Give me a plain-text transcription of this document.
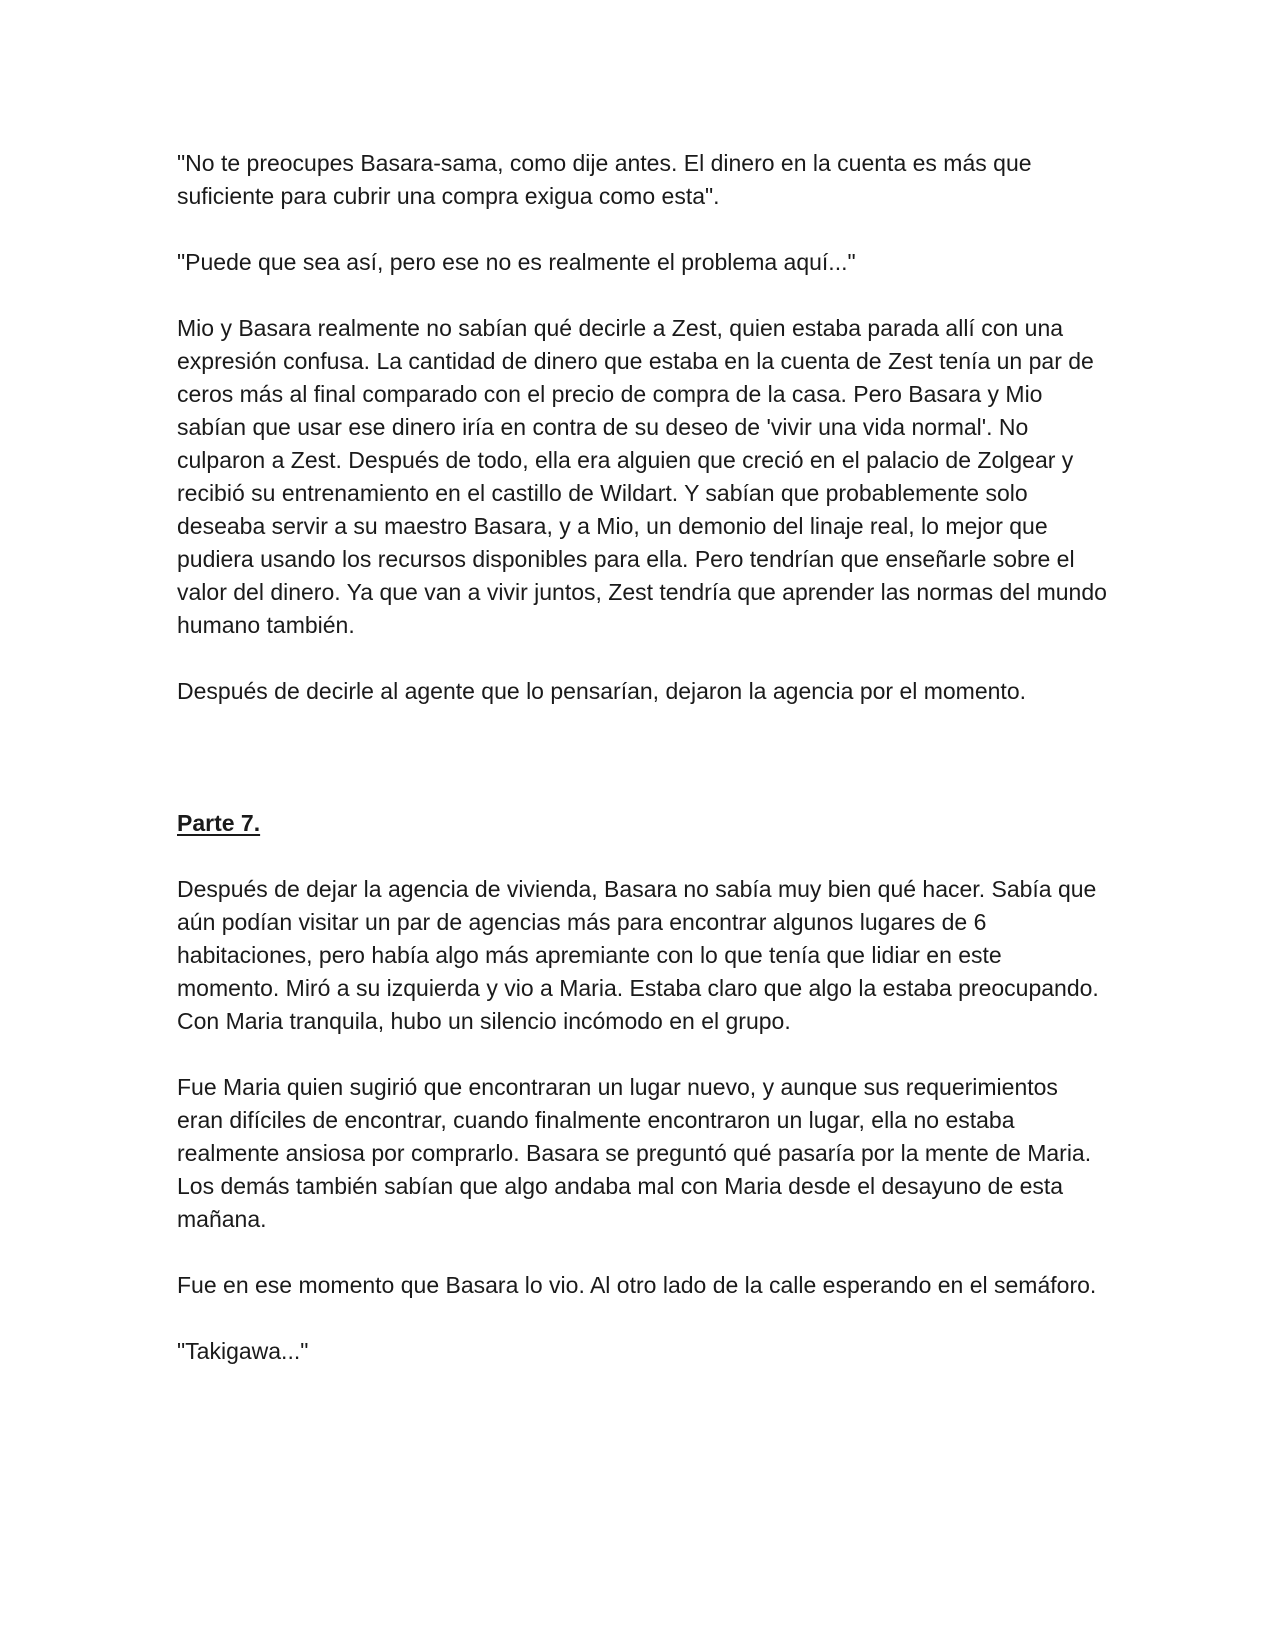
"No te preocupes Basara-sama, como dije antes. El dinero en la cuenta es más que suficiente para cubrir una compra exigua como esta".

"Puede que sea así, pero ese no es realmente el problema aquí..."

Mio y Basara realmente no sabían qué decirle a Zest, quien estaba parada allí con una expresión confusa. La cantidad de dinero que estaba en la cuenta de Zest tenía un par de ceros más al final comparado con el precio de compra de la casa. Pero Basara y Mio sabían que usar ese dinero iría en contra de su deseo de 'vivir una vida normal'. No culparon a Zest. Después de todo, ella era alguien que creció en el palacio de Zolgear y recibió su entrenamiento en el castillo de Wildart. Y sabían que probablemente solo deseaba servir a su maestro Basara, y a Mio, un demonio del linaje real, lo mejor que pudiera usando los recursos disponibles para ella. Pero tendrían que enseñarle sobre el valor del dinero. Ya que van a vivir juntos, Zest tendría que aprender las normas del mundo humano también.

Después de decirle al agente que lo pensarían, dejaron la agencia por el momento.

Parte 7.

Después de dejar la agencia de vivienda, Basara no sabía muy bien qué hacer. Sabía que aún podían visitar un par de agencias más para encontrar algunos lugares de 6 habitaciones, pero había algo más apremiante con lo que tenía que lidiar en este momento. Miró a su izquierda y vio a Maria. Estaba claro que algo la estaba preocupando. Con Maria tranquila, hubo un silencio incómodo en el grupo.

Fue Maria quien sugirió que encontraran un lugar nuevo, y aunque sus requerimientos eran difíciles de encontrar, cuando finalmente encontraron un lugar, ella no estaba realmente ansiosa por comprarlo. Basara se preguntó qué pasaría por la mente de Maria. Los demás también sabían que algo andaba mal con Maria desde el desayuno de esta mañana.

Fue en ese momento que Basara lo vio. Al otro lado de la calle esperando en el semáforo.

"Takigawa..."
